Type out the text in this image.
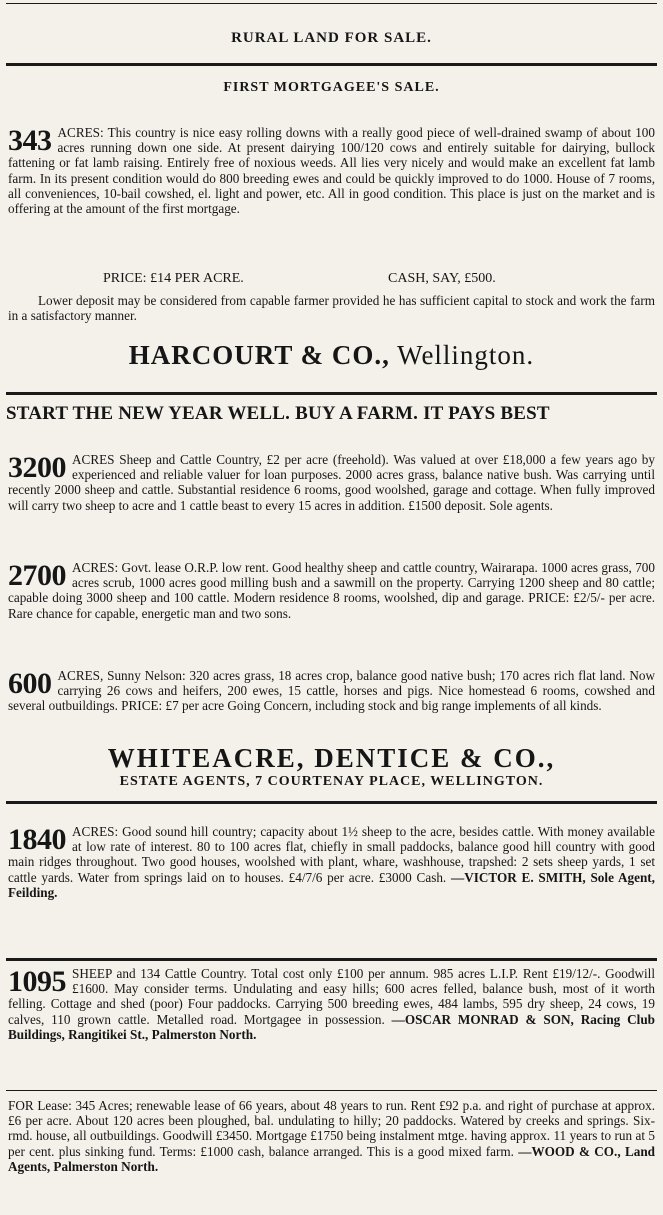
RURAL LAND FOR SALE.
FIRST MORTGAGEE'S SALE.
343 ACRES: This country is nice easy rolling downs with a really good piece of well-drained swamp of about 100 acres running down one side. At present dairying 100/120 cows and entirely suitable for dairying, bullock fattening or fat lamb raising. Entirely free of noxious weeds. All lies very nicely and would make an excellent fat lamb farm. In its present condition would do 800 breeding ewes and could be quickly improved to do 1000. House of 7 rooms, all conveniences, 10-bail cowshed, el. light and power, etc. All in good condition. This place is just on the market and is offering at the amount of the first mortgage.
PRICE: £14 PER ACRE.	CASH, SAY, £500.
Lower deposit may be considered from capable farmer provided he has sufficient capital to stock and work the farm in a satisfactory manner.
HARCOURT & CO., Wellington.
START THE NEW YEAR WELL. BUY A FARM. IT PAYS BEST
3200 ACRES Sheep and Cattle Country, £2 per acre (freehold). Was valued at over £18,000 a few years ago by experienced and reliable valuer for loan purposes. 2000 acres grass, balance native bush. Was carrying until recently 2000 sheep and cattle. Substantial residence 6 rooms, good woolshed, garage and cottage. When fully improved will carry two sheep to acre and 1 cattle beast to every 15 acres in addition. £1500 deposit. Sole agents.
2700 ACRES: Govt. lease O.R.P. low rent. Good healthy sheep and cattle country, Wairarapa. 1000 acres grass, 700 acres scrub, 1000 acres good milling bush and a sawmill on the property. Carrying 1200 sheep and 80 cattle; capable doing 3000 sheep and 100 cattle. Modern residence 8 rooms, woolshed, dip and garage. PRICE: £2/5/- per acre. Rare chance for capable, energetic man and two sons.
600 ACRES, Sunny Nelson: 320 acres grass, 18 acres crop, balance good native bush; 170 acres rich flat land. Now carrying 26 cows and heifers, 200 ewes, 15 cattle, horses and pigs. Nice homestead 6 rooms, cowshed and several outbuildings. PRICE: £7 per acre Going Concern, including stock and big range implements of all kinds.
WHITEACRE, DENTICE & CO.,
ESTATE AGENTS, 7 COURTENAY PLACE, WELLINGTON.
1840 ACRES: Good sound hill country; capacity about 1½ sheep to the acre, besides cattle. With money available at low rate of interest. 80 to 100 acres flat, chiefly in small paddocks, balance good hill country with good main ridges throughout. Two good houses, woolshed with plant, whare, washhouse, trapshed: 2 sets sheep yards, 1 set cattle yards. Water from springs laid on to houses. £4/7/6 per acre. £3000 Cash. —VICTOR E. SMITH, Sole Agent, Feilding.
1095 SHEEP and 134 Cattle Country. Total cost only £100 per annum. 985 acres L.I.P. Rent £19/12/-. Goodwill £1600. May consider terms. Undulating and easy hills; 600 acres felled, balance bush, most of it worth felling. Cottage and shed (poor) Four paddocks. Carrying 500 breeding ewes, 484 lambs, 595 dry sheep, 24 cows, 19 calves, 110 grown cattle. Metalled road. Mortgagee in possession. —OSCAR MONRAD & SON, Racing Club Buildings, Rangitikei St., Palmerston North.
FOR Lease: 345 Acres; renewable lease of 66 years, about 48 years to run. Rent £92 p.a. and right of purchase at approx. £6 per acre. About 120 acres been ploughed, bal. undulating to hilly; 20 paddocks. Watered by creeks and springs. Six-rmd. house, all outbuildings. Goodwill £3450. Mortgage £1750 being instalment mtge. having approx. 11 years to run at 5 per cent. plus sinking fund. Terms: £1000 cash, balance arranged. This is a good mixed farm. —WOOD & CO., Land Agents, Palmerston North.
